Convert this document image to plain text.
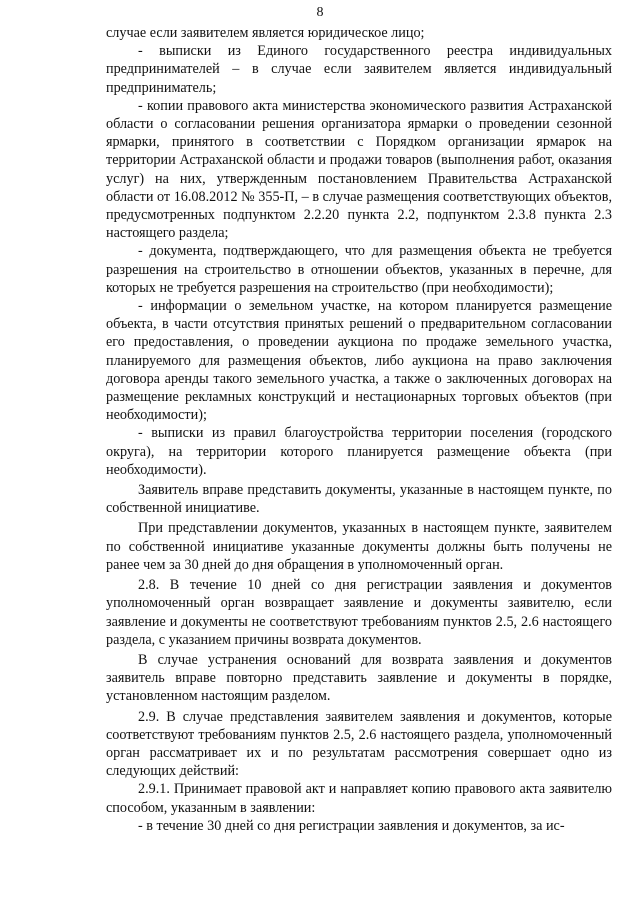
8

случае если заявителем является юридическое лицо;

- выписки из Единого государственного реестра индивидуальных предпринимателей – в случае если заявителем является индивидуальный предприниматель;

- копии правового акта министерства экономического развития Астраханской области о согласовании решения организатора ярмарки о проведении сезонной ярмарки, принятого в соответствии с Порядком организации ярмарок на территории Астраханской области и продажи товаров (выполнения работ, оказания услуг) на них, утвержденным постановлением Правительства Астраханской области от 16.08.2012 № 355-П, – в случае размещения соответствующих объектов, предусмотренных подпунктом 2.2.20 пункта 2.2, подпунктом 2.3.8 пункта 2.3 настоящего раздела;

- документа, подтверждающего, что для размещения объекта не требуется разрешения на строительство в отношении объектов, указанных в перечне, для которых не требуется разрешения на строительство (при необходимости);

- информации о земельном участке, на котором планируется размещение объекта, в части отсутствия принятых решений о предварительном согласовании его предоставления, о проведении аукциона по продаже земельного участка, планируемого для размещения объектов, либо аукциона на право заключения договора аренды такого земельного участка, а также о заключенных договорах на размещение рекламных конструкций и нестационарных торговых объектов (при необходимости);

- выписки из правил благоустройства территории поселения (городского округа), на территории которого планируется размещение объекта (при необходимости).

Заявитель вправе представить документы, указанные в настоящем пункте, по собственной инициативе.

При представлении документов, указанных в настоящем пункте, заявителем по собственной инициативе указанные документы должны быть получены не ранее чем за 30 дней до дня обращения в уполномоченный орган.

2.8. В течение 10 дней со дня регистрации заявления и документов уполномоченный орган возвращает заявление и документы заявителю, если заявление и документы не соответствуют требованиям пунктов 2.5, 2.6 настоящего раздела, с указанием причины возврата документов.

В случае устранения оснований для возврата заявления и документов заявитель вправе повторно представить заявление и документы в порядке, установленном настоящим разделом.

2.9. В случае представления заявителем заявления и документов, которые соответствуют требованиям пунктов 2.5, 2.6 настоящего раздела, уполномоченный орган рассматривает их и по результатам рассмотрения совершает одно из следующих действий:

2.9.1. Принимает правовой акт и направляет копию правового акта заявителю способом, указанным в заявлении:

- в течение 30 дней со дня регистрации заявления и документов, за ис-
